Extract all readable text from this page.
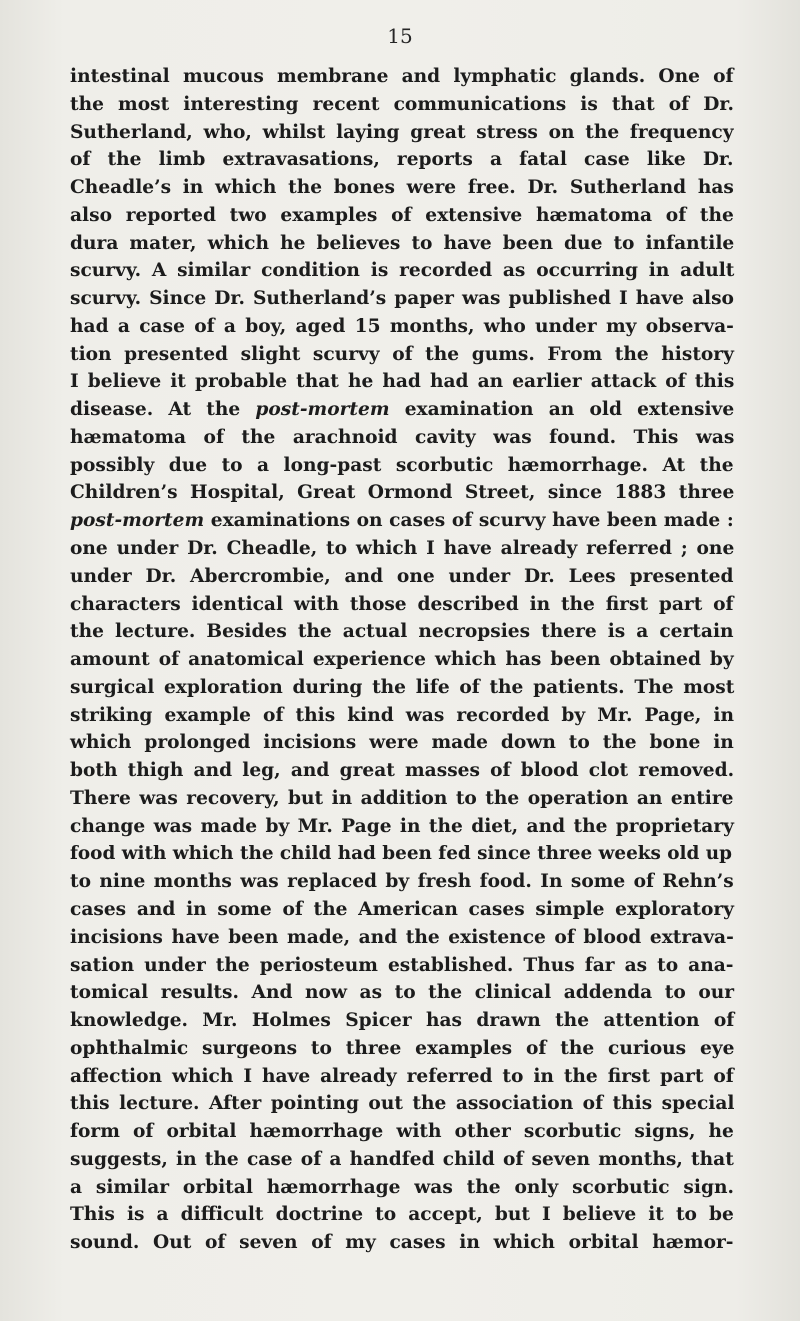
15
intestinal mucous membrane and lymphatic glands. One of
the most interesting recent communications is that of Dr.
Sutherland, who, whilst laying great stress on the frequency
of the limb extravasations, reports a fatal case like Dr.
Cheadle’s in which the bones were free. Dr. Sutherland has
also reported two examples of extensive hæmatoma of the
dura mater, which he believes to have been due to infantile
scurvy. A similar condition is recorded as occurring in adult
scurvy. Since Dr. Sutherland’s paper was published I have also
had a case of a boy, aged 15 months, who under my observa-
tion presented slight scurvy of the gums. From the history
I believe it probable that he had had an earlier attack of this
disease. At the post-mortem examination an old extensive
hæmatoma of the arachnoid cavity was found. This was
possibly due to a long-past scorbutic hæmorrhage. At the
Children’s Hospital, Great Ormond Street, since 1883 three
post-mortem examinations on cases of scurvy have been made :
one under Dr. Cheadle, to which I have already referred ; one
under Dr. Abercrombie, and one under Dr. Lees presented
characters identical with those described in the first part of
the lecture. Besides the actual necropsies there is a certain
amount of anatomical experience which has been obtained by
surgical exploration during the life of the patients. The most
striking example of this kind was recorded by Mr. Page, in
which prolonged incisions were made down to the bone in
both thigh and leg, and great masses of blood clot removed.
There was recovery, but in addition to the operation an entire
change was made by Mr. Page in the diet, and the proprietary
food with which the child had been fed since three weeks old up
to nine months was replaced by fresh food. In some of Rehn’s
cases and in some of the American cases simple exploratory
incisions have been made, and the existence of blood extrava-
sation under the periosteum established. Thus far as to ana-
tomical results. And now as to the clinical addenda to our
knowledge. Mr. Holmes Spicer has drawn the attention of
ophthalmic surgeons to three examples of the curious eye
affection which I have already referred to in the first part of
this lecture. After pointing out the association of this special
form of orbital hæmorrhage with other scorbutic signs, he
suggests, in the case of a handfed child of seven months, that
a similar orbital hæmorrhage was the only scorbutic sign.
This is a difficult doctrine to accept, but I believe it to be
sound. Out of seven of my cases in which orbital hæmor-
